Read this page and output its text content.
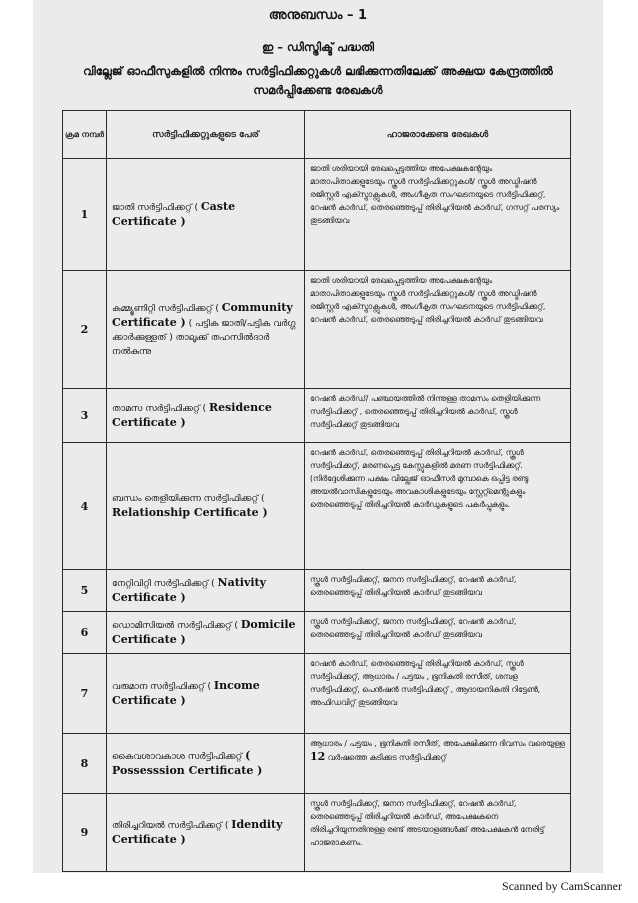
അനുബന്ധം – 1
ഇ – ഡിസ്ട്രിക്ട് പദ്ധതി
വില്ലേജ് ഓഫീസുകളിൽ നിന്നും സർട്ടിഫിക്കറ്റുകൾ ലഭിക്കുന്നതിലേക്ക് അക്ഷയ കേന്ദ്രത്തിൽ സമർപ്പിക്കേണ്ട രേഖകൾ
ക്രമ നമ്പർ	സർട്ടിഫിക്കറ്റുകളുടെ പേര്	ഹാജരാക്കേണ്ട രേഖകൾ
1	ജാതി സർട്ടിഫിക്കറ്റ് ( Caste Certificate )	ജാതി ശരിയായി രേഖപ്പെടുത്തിയ അപേക്ഷകന്റേയും മാതാപിതാക്കളുടേയും സ്കൂൾ സർട്ടിഫിക്കറ്റുകൾ/ സ്കൂൾ അഡ്മിഷൻ രജിസ്റ്റർ എക്സ്ട്രാക്റ്റുകൾ, അംഗീകൃത സംഘടനയുടെ സർട്ടിഫിക്കറ്റ്, റേഷൻ കാർഡ്, തെരഞ്ഞെടുപ്പ് തിരിച്ചറിയൽ കാർഡ്, ഗസറ്റ് പരസ്യം തുടങ്ങിയവ
2	കമ്മ്യൂണിറ്റി സർട്ടിഫിക്കറ്റ് ( Community Certificate ) ( പട്ടിക ജാതി/പട്ടിക വർഗ്ഗ ക്കാർക്കുള്ളത് ) താലൂക്ക് തഹസിൽദാർ നൽകുന്നു	ജാതി ശരിയായി രേഖപ്പെടുത്തിയ അപേക്ഷകന്റേയും മാതാപിതാക്കളുടേയും സ്കൂൾ സർട്ടിഫിക്കറ്റുകൾ/ സ്കൂൾ അഡ്മിഷൻ രജിസ്റ്റർ എക്സ്ട്രാക്റ്റുകൾ, അംഗീകൃത സംഘടനയുടെ സർട്ടിഫിക്കറ്റ്, റേഷൻ കാർഡ്, തെരഞ്ഞെടുപ്പ് തിരിച്ചറിയൽ കാർഡ് തുടങ്ങിയവ
3	താമസ സർട്ടിഫിക്കറ്റ് ( Residence Certificate )	റേഷൻ കാർഡ്/ പഞ്ചായത്തിൽ നിന്നുള്ള താമസം തെളിയിക്കുന്ന സർട്ടിഫിക്കറ്റ് , തെരഞ്ഞെടുപ്പ് തിരിച്ചറിയൽ കാർഡ്, സ്കൂൾ സർട്ടിഫിക്കറ്റ് തുടങ്ങിയവ
4	ബന്ധം തെളിയിക്കുന്ന സർട്ടിഫിക്കറ്റ് ( Relationship Certificate )	റേഷൻ കാർഡ്, തെരഞ്ഞെടുപ്പ് തിരിച്ചറിയൽ കാർഡ്, സ്കൂൾ സർട്ടിഫിക്കറ്റ്, മരണപ്പെട്ട കേസ്സുകളിൽ മരണ സർട്ടിഫിക്കറ്റ്. (നിർദ്ദേശിക്കുന്ന പക്ഷം വില്ലേജ് ഓഫീസർ മുമ്പാകെ ഒപ്പിട്ട രണ്ടു അയൽവാസികളുടേയും അവകാശികളുടേയും സ്റ്റേറ്റ്മെന്റുകളും തെരഞ്ഞെടുപ്പ് തിരിച്ചറിയൽ കാർഡുകളുടെ പകർപ്പുകളും.
5	നേറ്റിവിറ്റി സർട്ടിഫിക്കറ്റ് ( Nativity Certificate )	സ്കൂൾ സർട്ടിഫിക്കറ്റ്, ജനന സർട്ടിഫിക്കറ്റ്, റേഷൻ കാർഡ്, തെരഞ്ഞെടുപ്പ് തിരിച്ചറിയൽ കാർഡ് തുടങ്ങിയവ
6	ഡൊമിസിയൽ സർട്ടിഫിക്കറ്റ് ( Domicile Certificate )	സ്കൂൾ സർട്ടിഫിക്കറ്റ്, ജനന സർട്ടിഫിക്കറ്റ്, റേഷൻ കാർഡ്, തെരഞ്ഞെടുപ്പ് തിരിച്ചറിയൽ കാർഡ് തുടങ്ങിയവ
7	വരുമാന സർട്ടിഫിക്കറ്റ് ( Income Certificate )	റേഷൻ കാർഡ്, തെരഞ്ഞെടുപ്പ് തിരിച്ചറിയൽ കാർഡ്, സ്കൂൾ സർട്ടിഫിക്കറ്റ്, ആധാരം / പട്ടയം , ഭൂനികുതി രസീത്, ശമ്പള സർട്ടിഫിക്കറ്റ്, പെൻഷൻ സർട്ടിഫിക്കറ്റ് , ആദായനികുതി റിട്ടേൺ, അഫിഡവിറ്റ് തുടങ്ങിയവ
8	കൈവശാവകാശ സർട്ടിഫിക്കറ്റ് ( Possesssion Certificate )	ആധാരം / പട്ടയം , ഭൂനികുതി രസീത്, അപേക്ഷിക്കുന്ന ദിവസം വരെയുള്ള 12 വർഷത്തെ കുടിക്കട സർട്ടിഫിക്കറ്റ്
9	തിരിച്ചറിയൽ സർട്ടിഫിക്കറ്റ് ( Idendity Certificate )	സ്കൂൾ സർട്ടിഫിക്കറ്റ്, ജനന സർട്ടിഫിക്കറ്റ്, റേഷൻ കാർഡ്, തെരഞ്ഞെടുപ്പ് തിരിച്ചറിയൽ കാർഡ്, അപേക്ഷകനെ തിരിച്ചറിയുന്നതിനുള്ള രണ്ട് അടയാളങ്ങൾക്ക് അപേക്ഷകൻ നേരിട്ട് ഹാജരാകണം.
Scanned by CamScanner
